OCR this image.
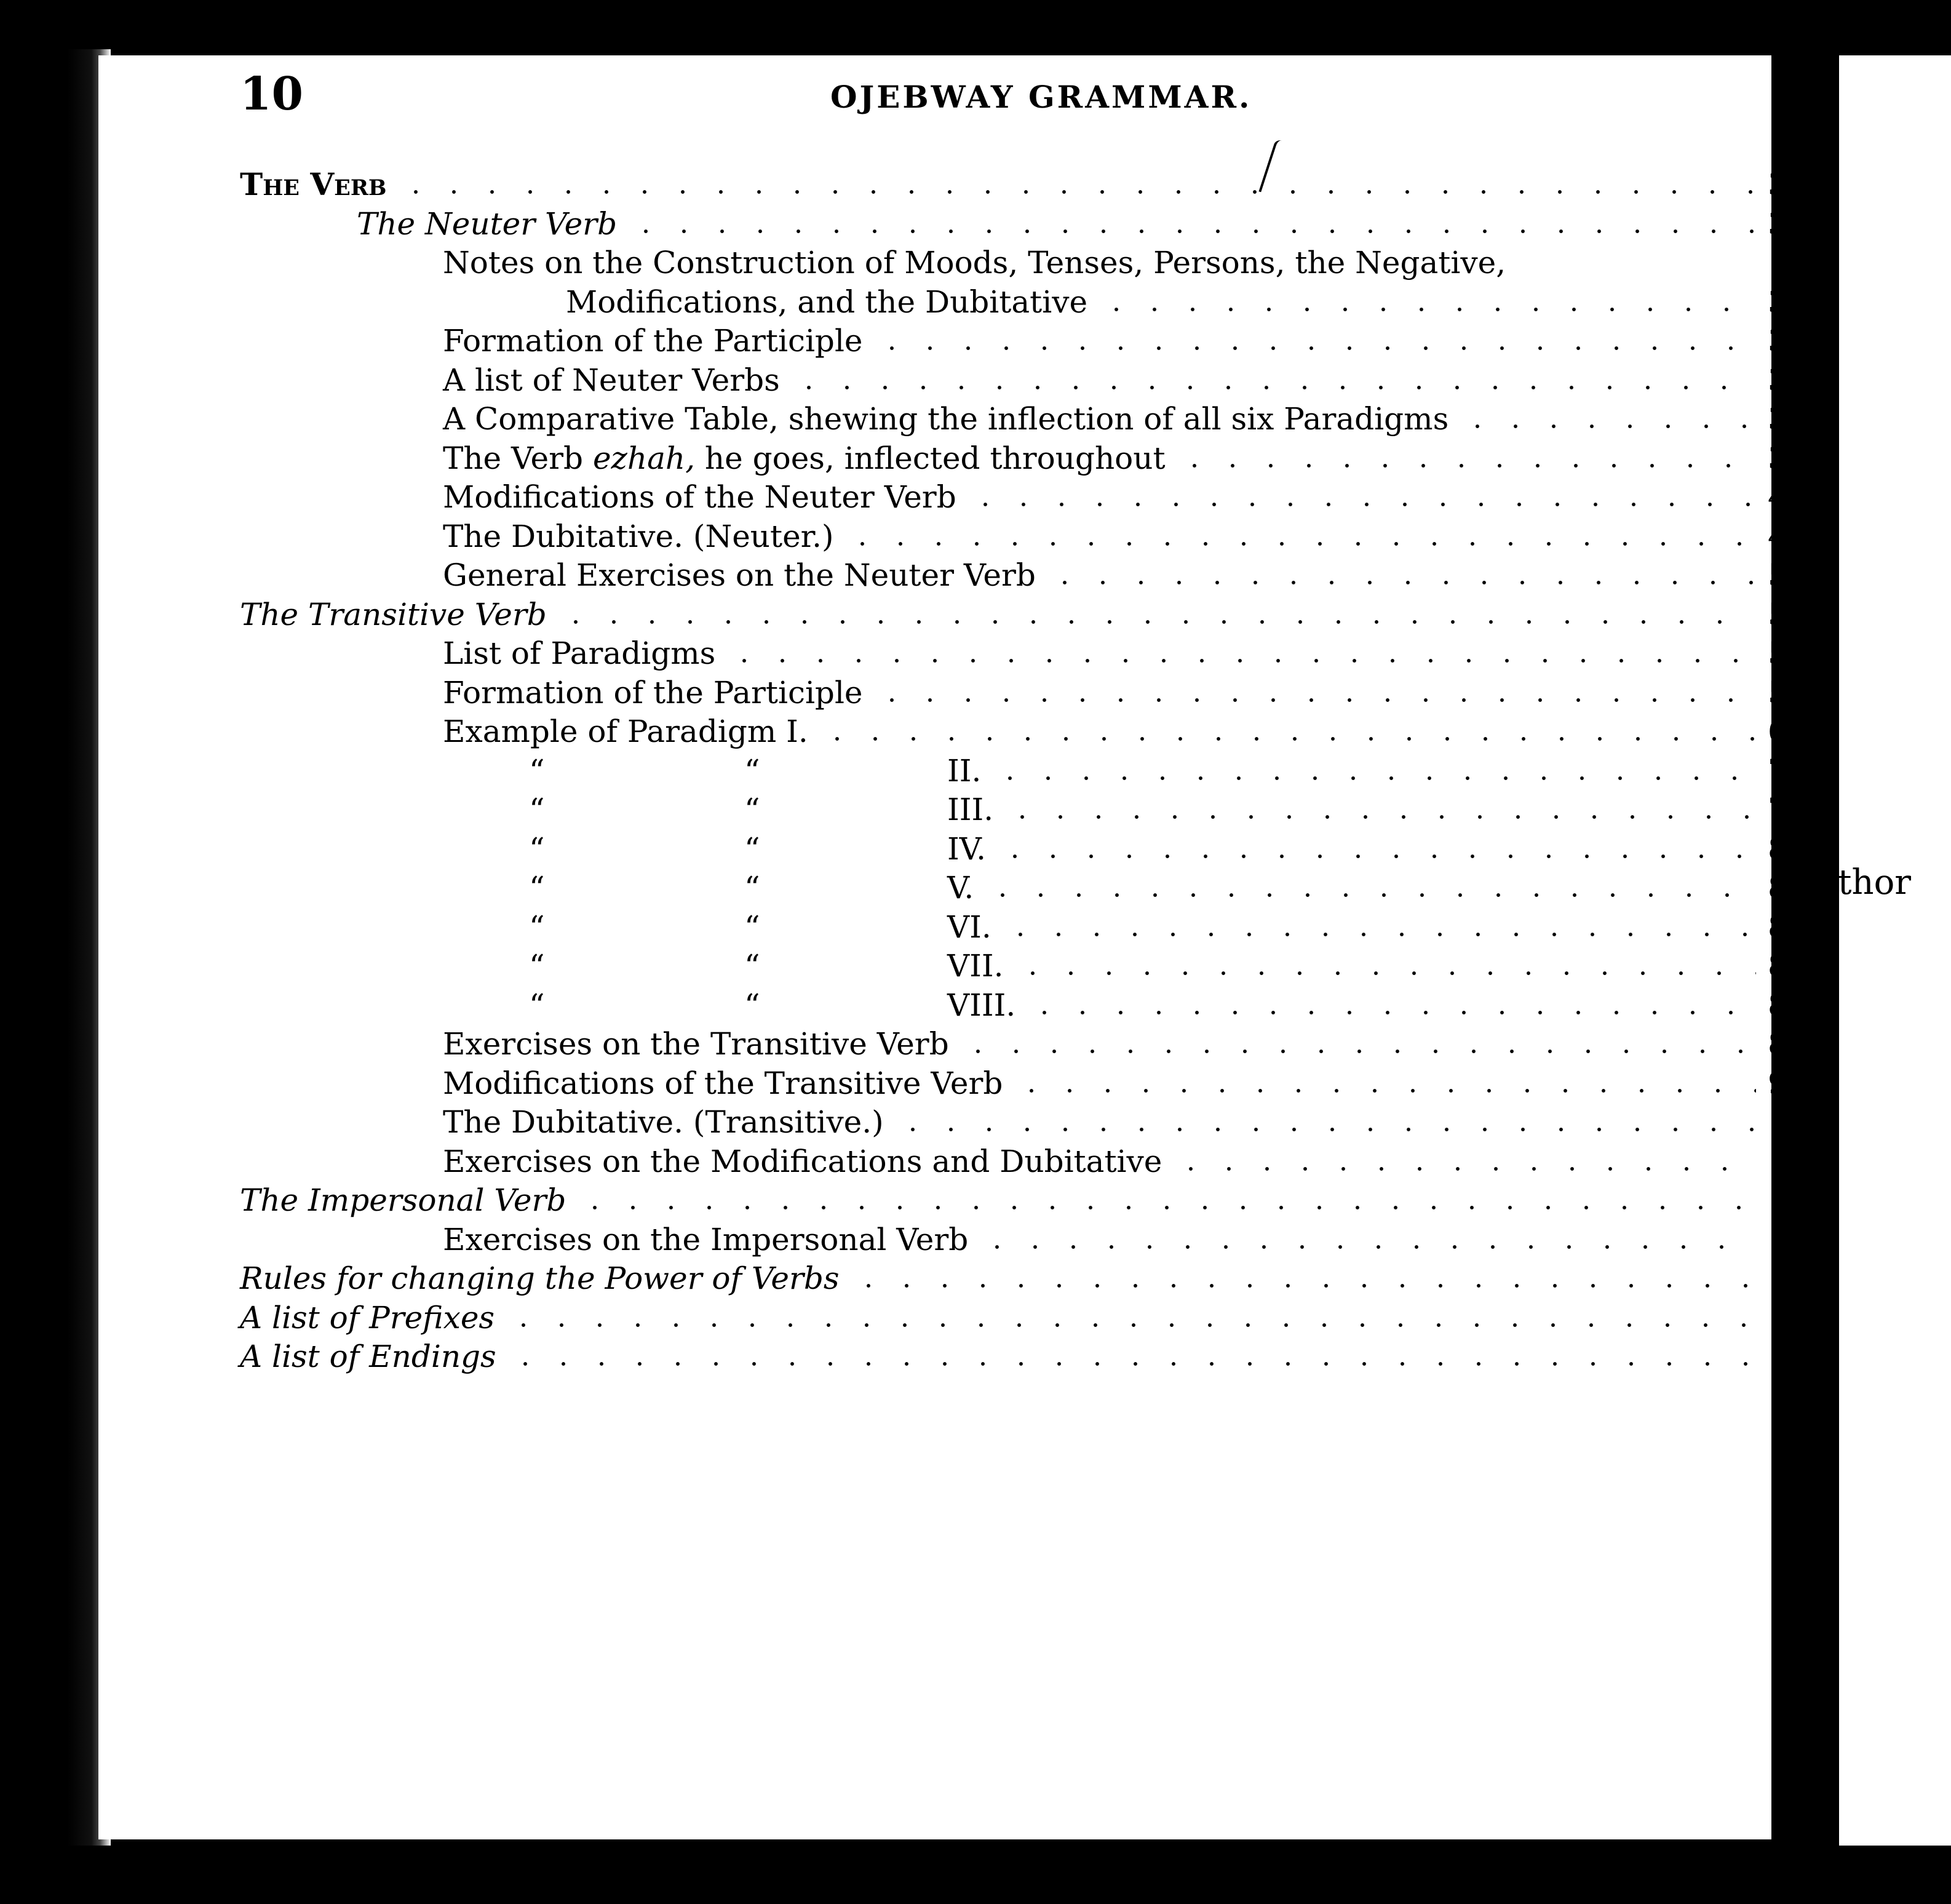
thor
10	OJEBWAY GRAMMAR.
The Verb	3
The Neuter Verb	3
Notes on the Construction of Moods, Tenses, Persons, the Negative,
Modifications, and the Dubitative	3
Formation of the Participle	3
A list of Neuter Verbs	3
A Comparative Table, shewing the inflection of all six Paradigms	3
The Verb ezhah, he goes, inflected throughout	3
Modifications of the Neuter Verb	4
The Dubitative. (Neuter.)	4
General Exercises on the Neuter Verb	5
The Transitive Verb	5
List of Paradigms	5
Formation of the Participle	5
Example of Paradigm I.	6
“	“	II.	7
“	“	III.	7
“	“	IV.	8
“	“	V.	8
“	“	VI.	8
“	“	VII.	8
“	“	VIII.	8
Exercises on the Transitive Verb	8
Modifications of the Transitive Verb	9
The Dubitative. (Transitive.)	10
Exercises on the Modifications and Dubitative	10
The Impersonal Verb	10
Exercises on the Impersonal Verb	11
Rules for changing the Power of Verbs	11
A list of Prefixes	11
A list of Endings	11
